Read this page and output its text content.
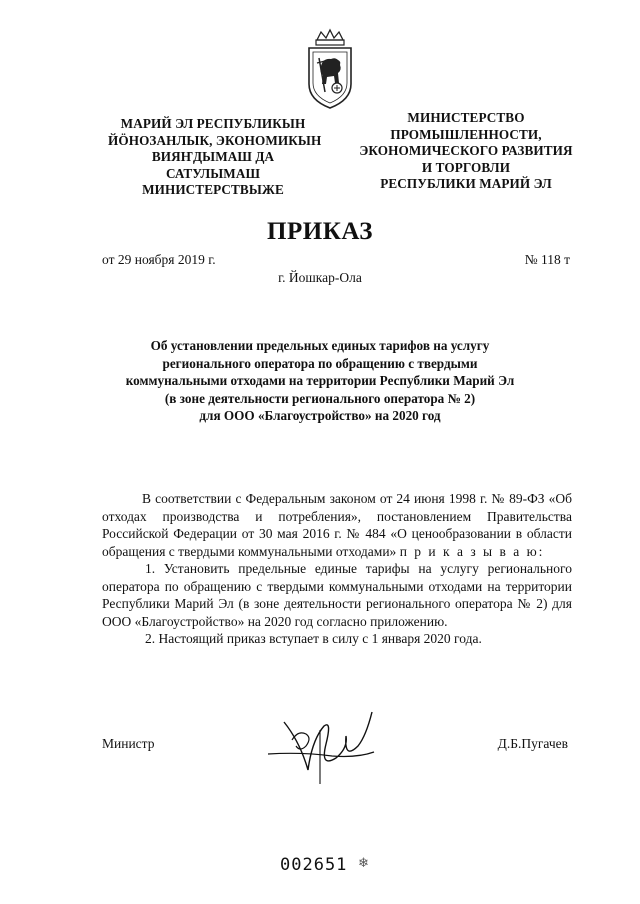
МАРИЙ ЭЛ РЕСПУБЛИКЫН
ЙӦНОЗАНЛЫК, ЭКОНОМИКЫН
ВИЯҤДЫМАШ ДА
САТУЛЫМАШ
МИНИСТЕРСТВЫЖЕ
МИНИСТЕРСТВО
ПРОМЫШЛЕННОСТИ,
ЭКОНОМИЧЕСКОГО РАЗВИТИЯ
И ТОРГОВЛИ
РЕСПУБЛИКИ МАРИЙ ЭЛ
ПРИКАЗ
от 29 ноября 2019 г.	№ 118 т
г. Йошкар-Ола
Об установлении предельных единых тарифов на услугу
регионального оператора по обращению с твердыми
коммунальными отходами на территории Республики Марий Эл
(в зоне деятельности регионального оператора № 2)
для ООО «Благоустройство» на 2020 год
В соответствии с Федеральным законом от 24 июня 1998 г. № 89-ФЗ «Об отходах производства и потребления», постановлением Правительства Российской Федерации от 30 мая 2016 г. № 484 «О ценообразовании в области обращения с твердыми коммунальными отходами» п р и к а з ы в а ю:
1. Установить предельные единые тарифы на услугу регионального оператора по обращению с твердыми коммунальными отходами на территории Республики Марий Эл (в зоне деятельности регионального оператора № 2) для ООО «Благоустройство» на 2020 год согласно приложению.
2. Настоящий приказ вступает в силу с 1 января 2020 года.
Министр	Д.Б.Пугачев
002651 ❄
